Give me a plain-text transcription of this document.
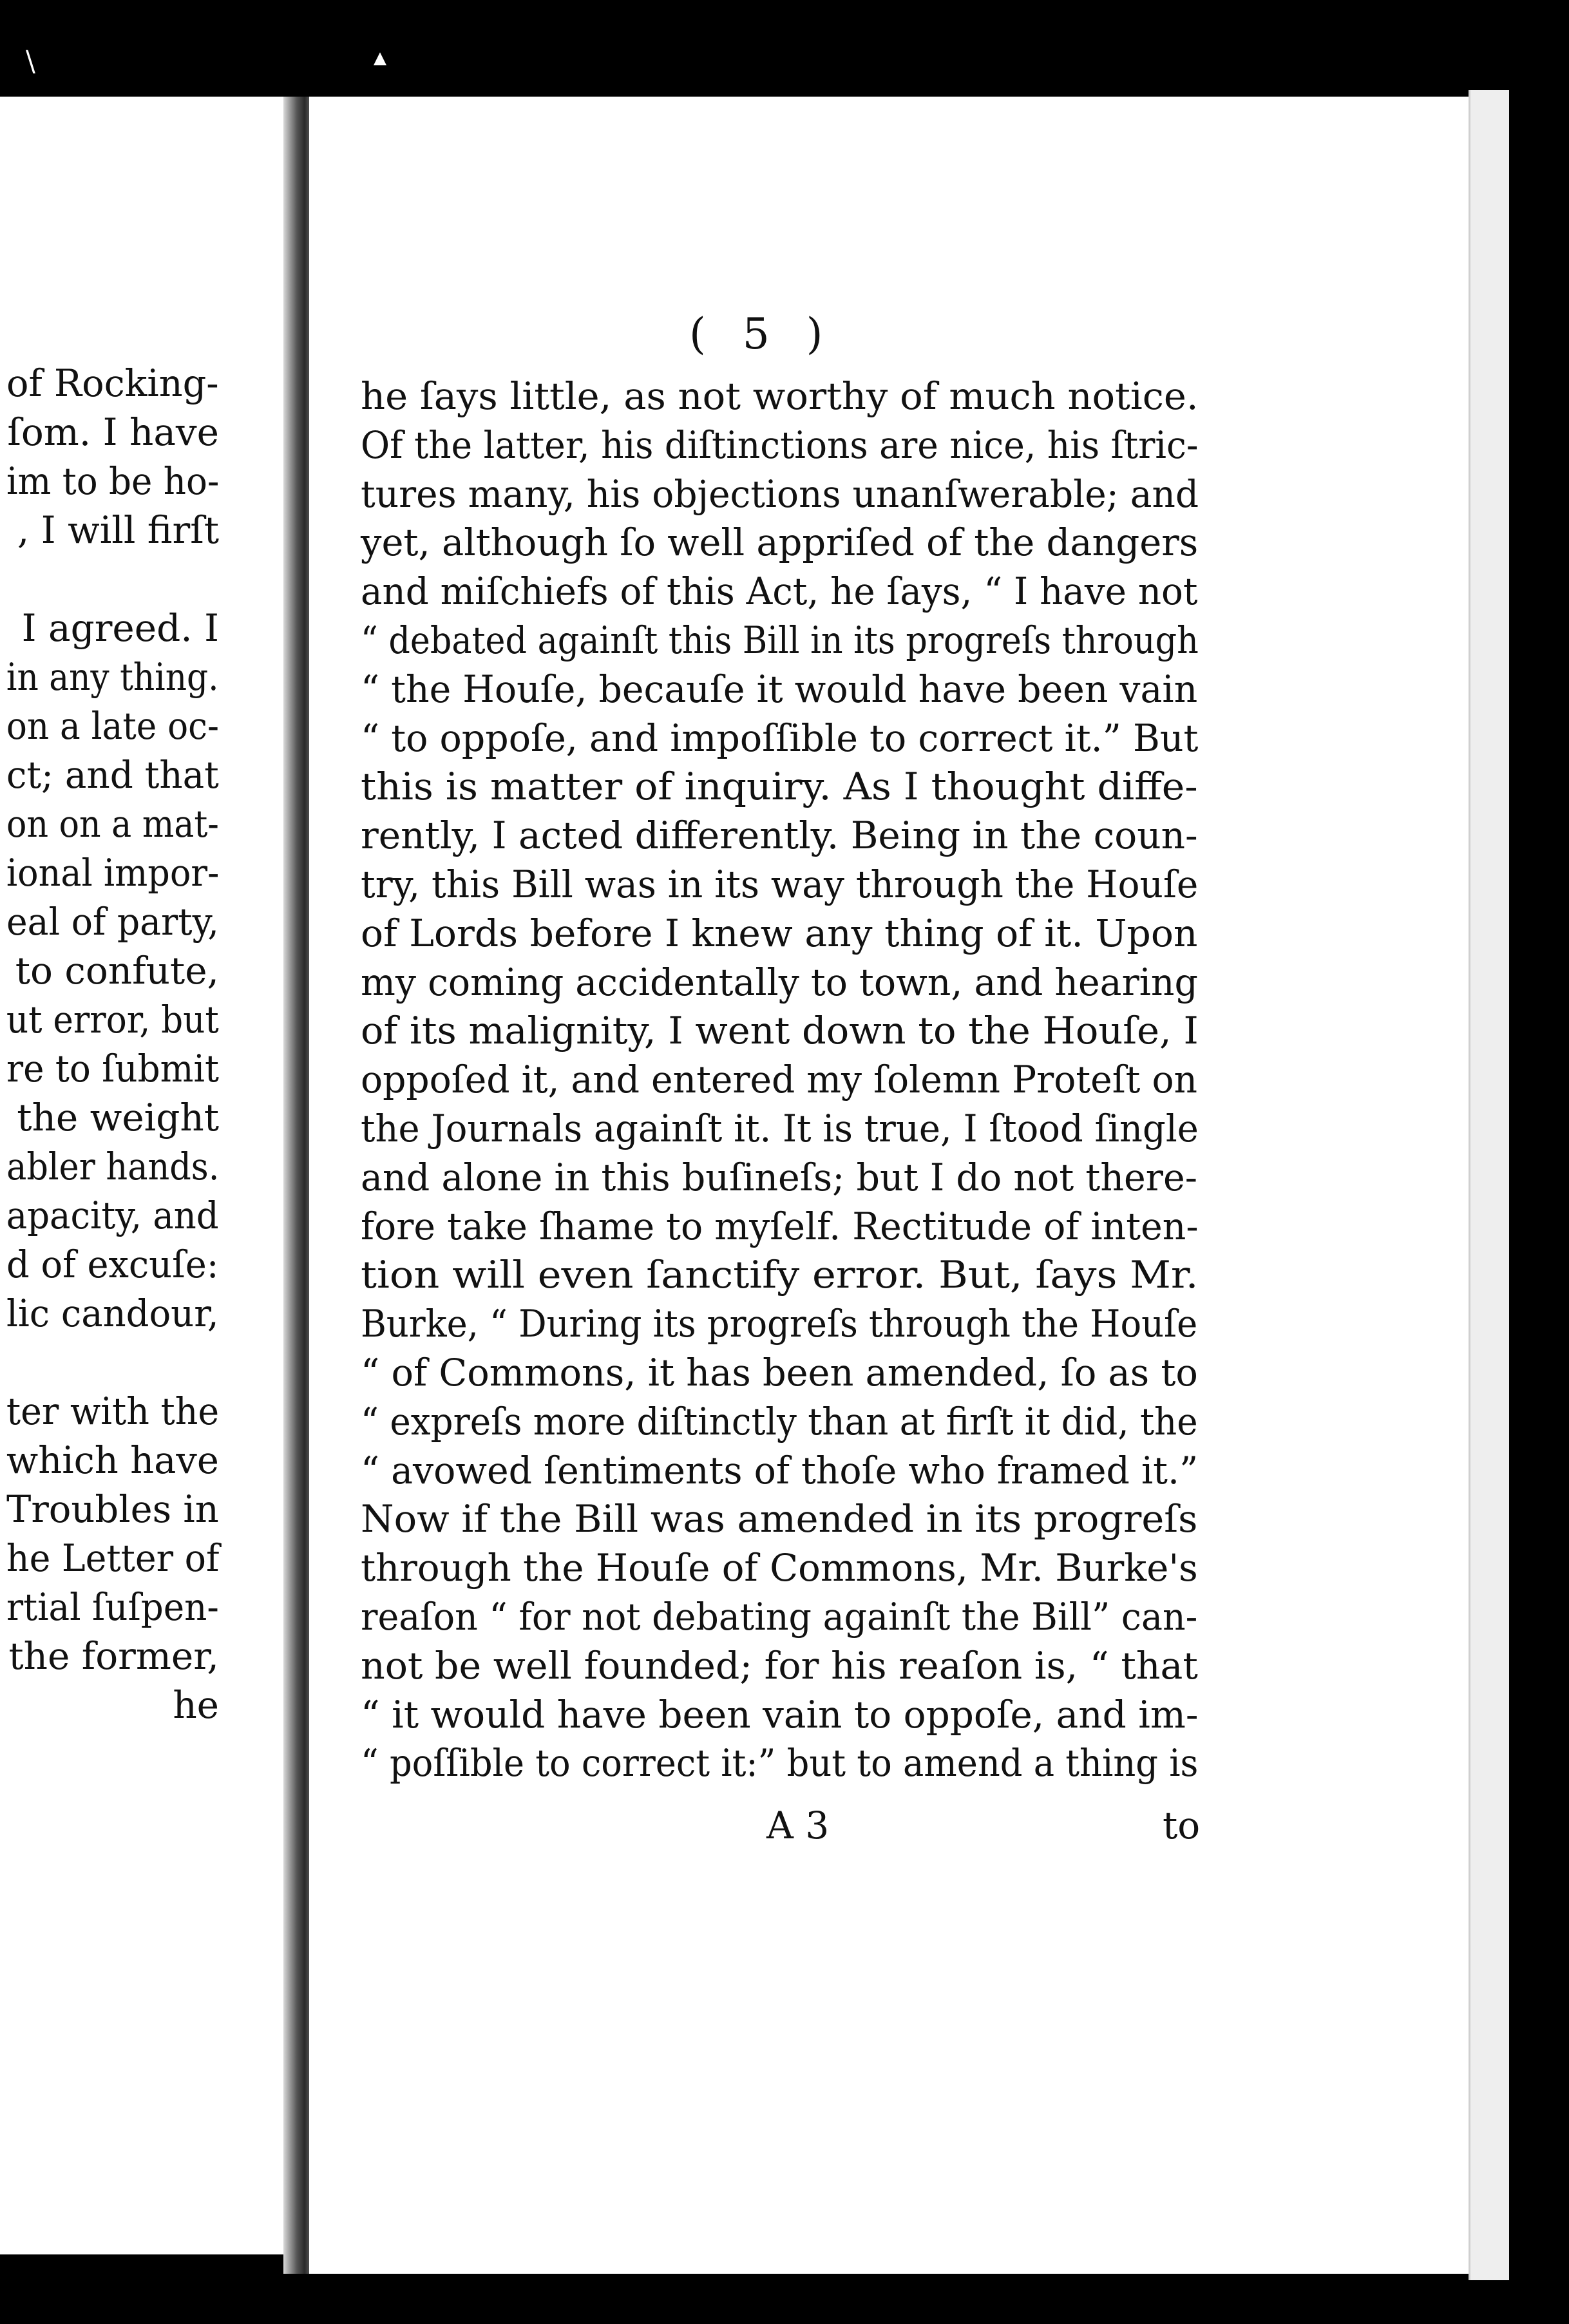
\	▲
of Rocking-
ſom. I have
im to be ho-
, I will firſt
I agreed. I
in any thing.
on a late oc-
ct; and that
on on a mat-
ional impor-
eal of party,
to confute,
ut error, but
re to ſubmit
the weight
abler hands.
apacity, and
d of excuſe:
lic candour,
ter with the
which have
Troubles in
he Letter of
rtial ſuſpen-
the former,
he
( 5 )
he ſays little, as not worthy of much notice.
Of the latter, his diſtinctions are nice, his ſtric-
tures many, his objections unanſwerable; and
yet, although ſo well appriſed of the dangers
and miſchiefs of this Act, he ſays, “ I have not
“ debated againſt this Bill in its progreſs through
“ the Houſe, becauſe it would have been vain
“ to oppoſe, and impoſſible to correct it.” But
this is matter of inquiry. As I thought diffe-
rently, I acted differently. Being in the coun-
try, this Bill was in its way through the Houſe
of Lords before I knew any thing of it. Upon
my coming accidentally to town, and hearing
of its malignity, I went down to the Houſe, I
oppoſed it, and entered my ſolemn Proteſt on
the Journals againſt it. It is true, I ſtood ſingle
and alone in this buſineſs; but I do not there-
fore take ſhame to myſelf. Rectitude of inten-
tion will even ſanctify error. But, ſays Mr.
Burke, “ During its progreſs through the Houſe
“ of Commons, it has been amended, ſo as to
“ expreſs more diſtinctly than at firſt it did, the
“ avowed ſentiments of thoſe who framed it.”
Now if the Bill was amended in its progreſs
through the Houſe of Commons, Mr. Burke's
reaſon “ for not debating againſt the Bill” can-
not be well founded; for his reaſon is, “ that
“ it would have been vain to oppoſe, and im-
“ poſſible to correct it:” but to amend a thing is
A 3	to
